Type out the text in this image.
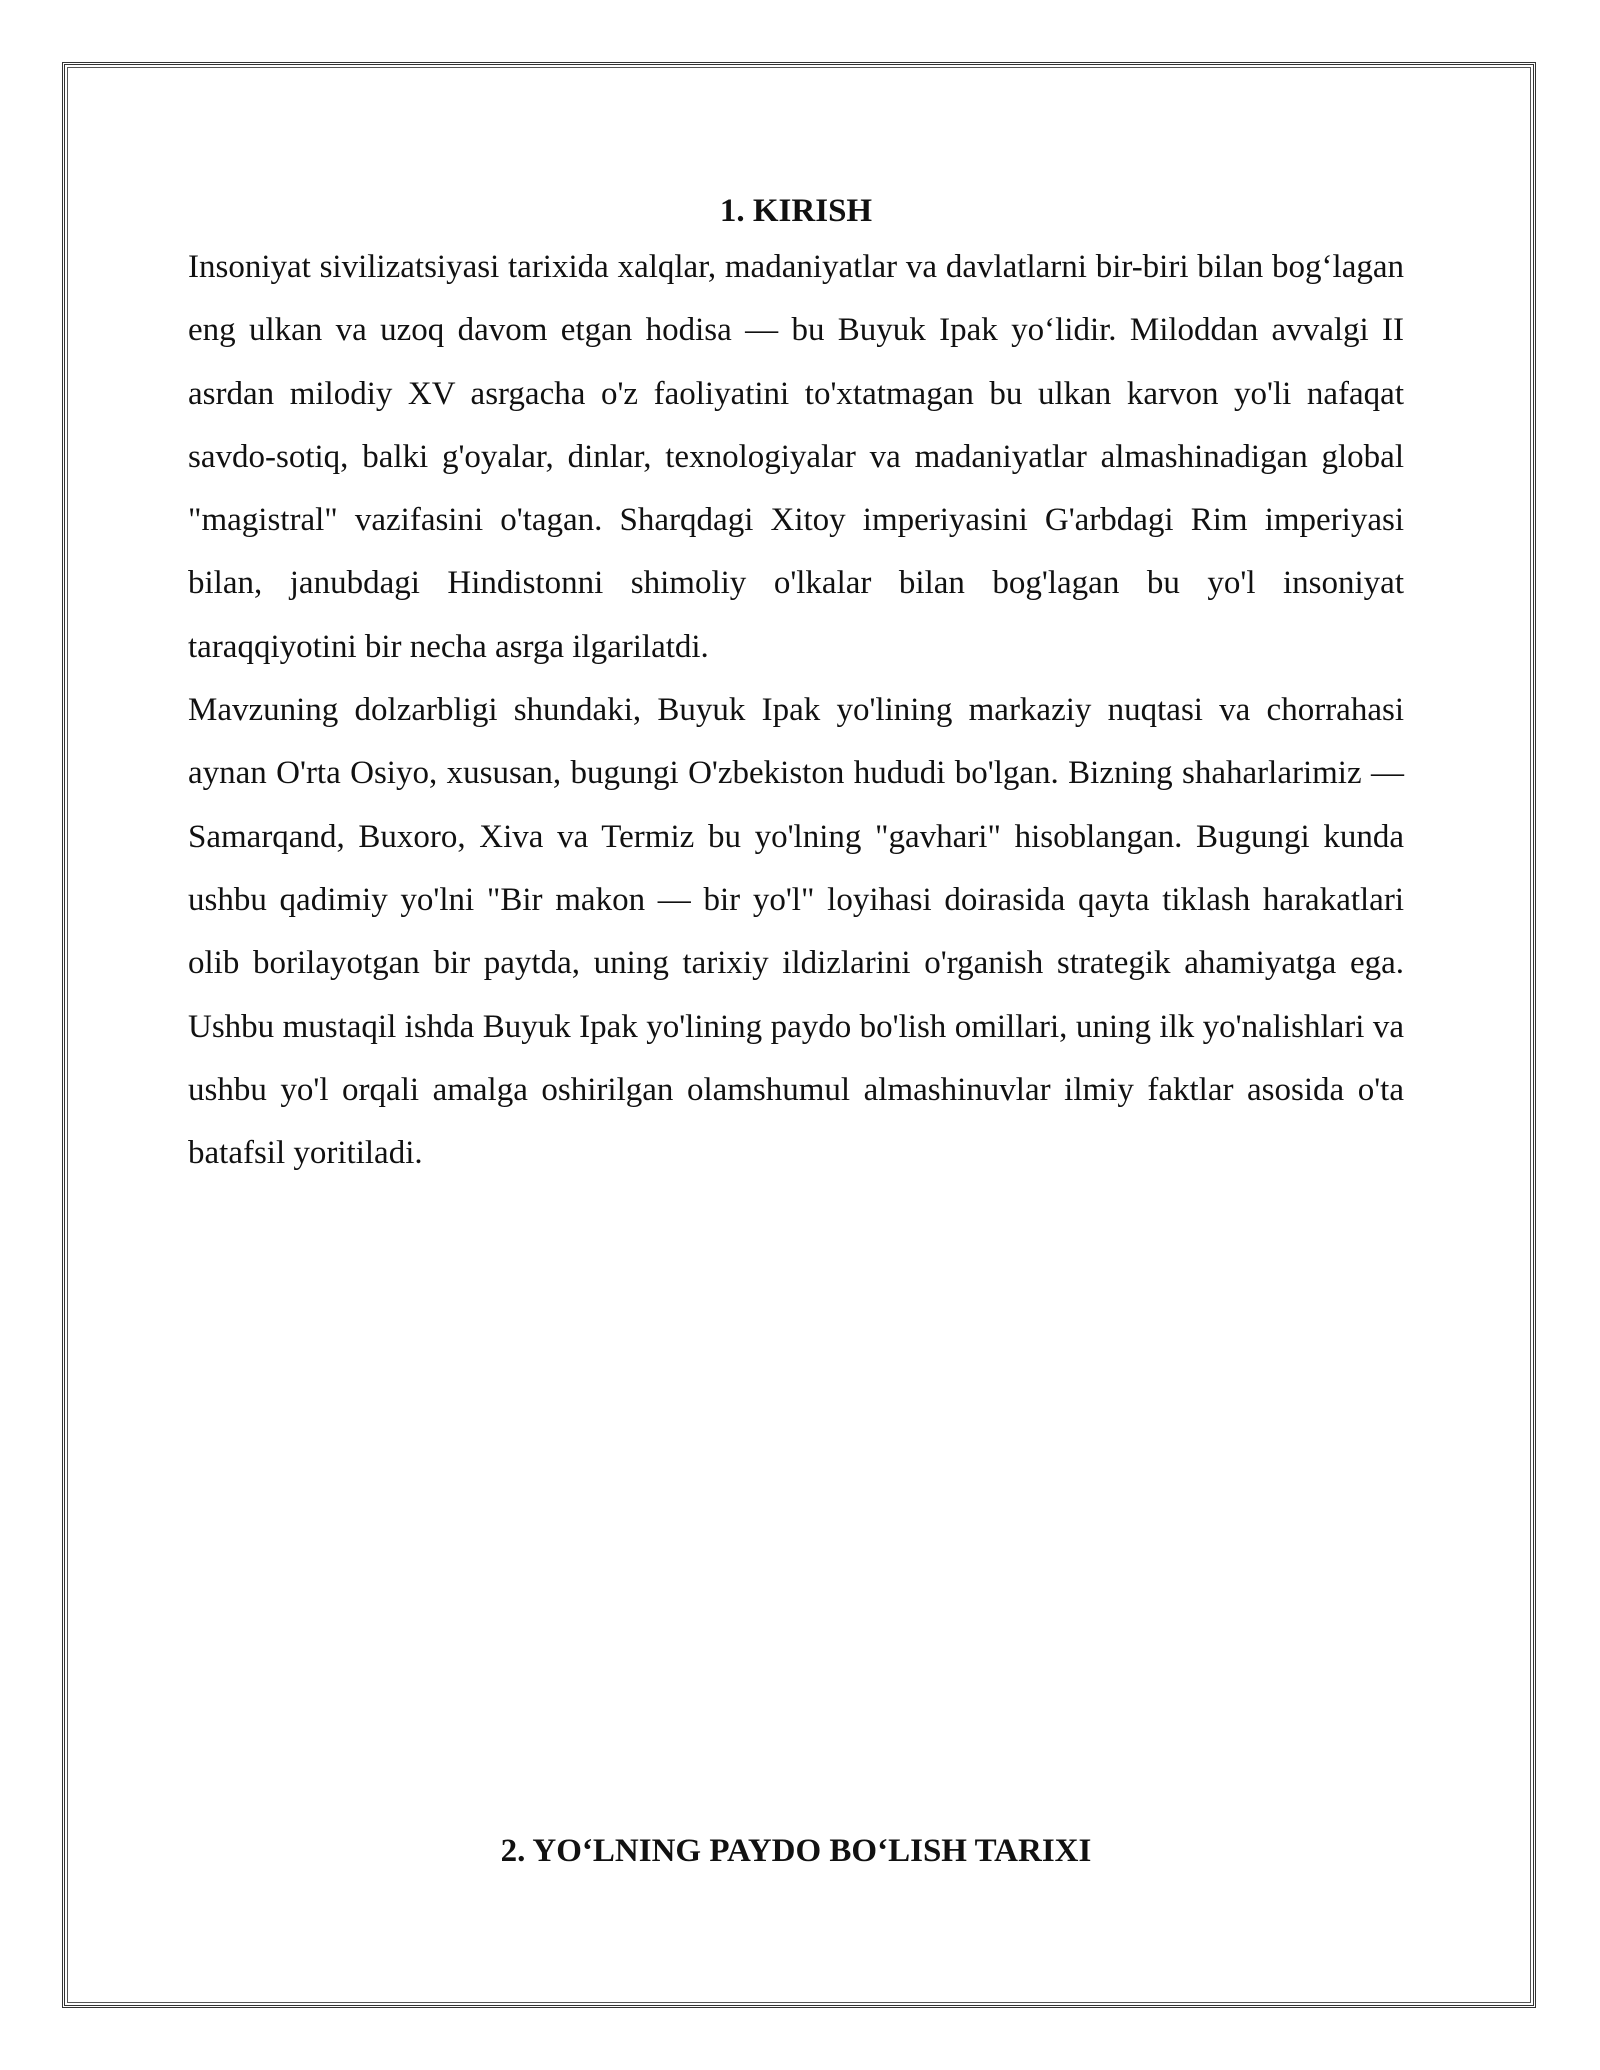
1. KIRISH

Insoniyat sivilizatsiyasi tarixida xalqlar, madaniyatlar va davlatlarni bir-biri bilan bog‘lagan eng ulkan va uzoq davom etgan hodisa — bu Buyuk Ipak yo‘lidir. Miloddan avvalgi II asrdan milodiy XV asrgacha o'z faoliyatini to'xtatmagan bu ulkan karvon yo'li nafaqat savdo-sotiq, balki g'oyalar, dinlar, texnologiyalar va madaniyatlar almashinadigan global "magistral" vazifasini o'tagan. Sharqdagi Xitoy imperiyasini G'arbdagi Rim imperiyasi bilan, janubdagi Hindistonni shimoliy o'lkalar bilan bog'lagan bu yo'l insoniyat taraqqiyotini bir necha asrga ilgarilatdi.

Mavzuning dolzarbligi shundaki, Buyuk Ipak yo'lining markaziy nuqtasi va chorrahasi aynan O'rta Osiyo, xususan, bugungi O'zbekiston hududi bo'lgan. Bizning shaharlarimiz — Samarqand, Buxoro, Xiva va Termiz bu yo'lning "gavhari" hisoblangan. Bugungi kunda ushbu qadimiy yo'lni "Bir makon — bir yo'l" loyihasi doirasida qayta tiklash harakatlari olib borilayotgan bir paytda, uning tarixiy ildizlarini o'rganish strategik ahamiyatga ega. Ushbu mustaqil ishda Buyuk Ipak yo'lining paydo bo'lish omillari, uning ilk yo'nalishlari va ushbu yo'l orqali amalga oshirilgan olamshumul almashinuvlar ilmiy faktlar asosida o'ta batafsil yoritiladi.

2. YO‘LNING PAYDO BO‘LISH TARIXI
